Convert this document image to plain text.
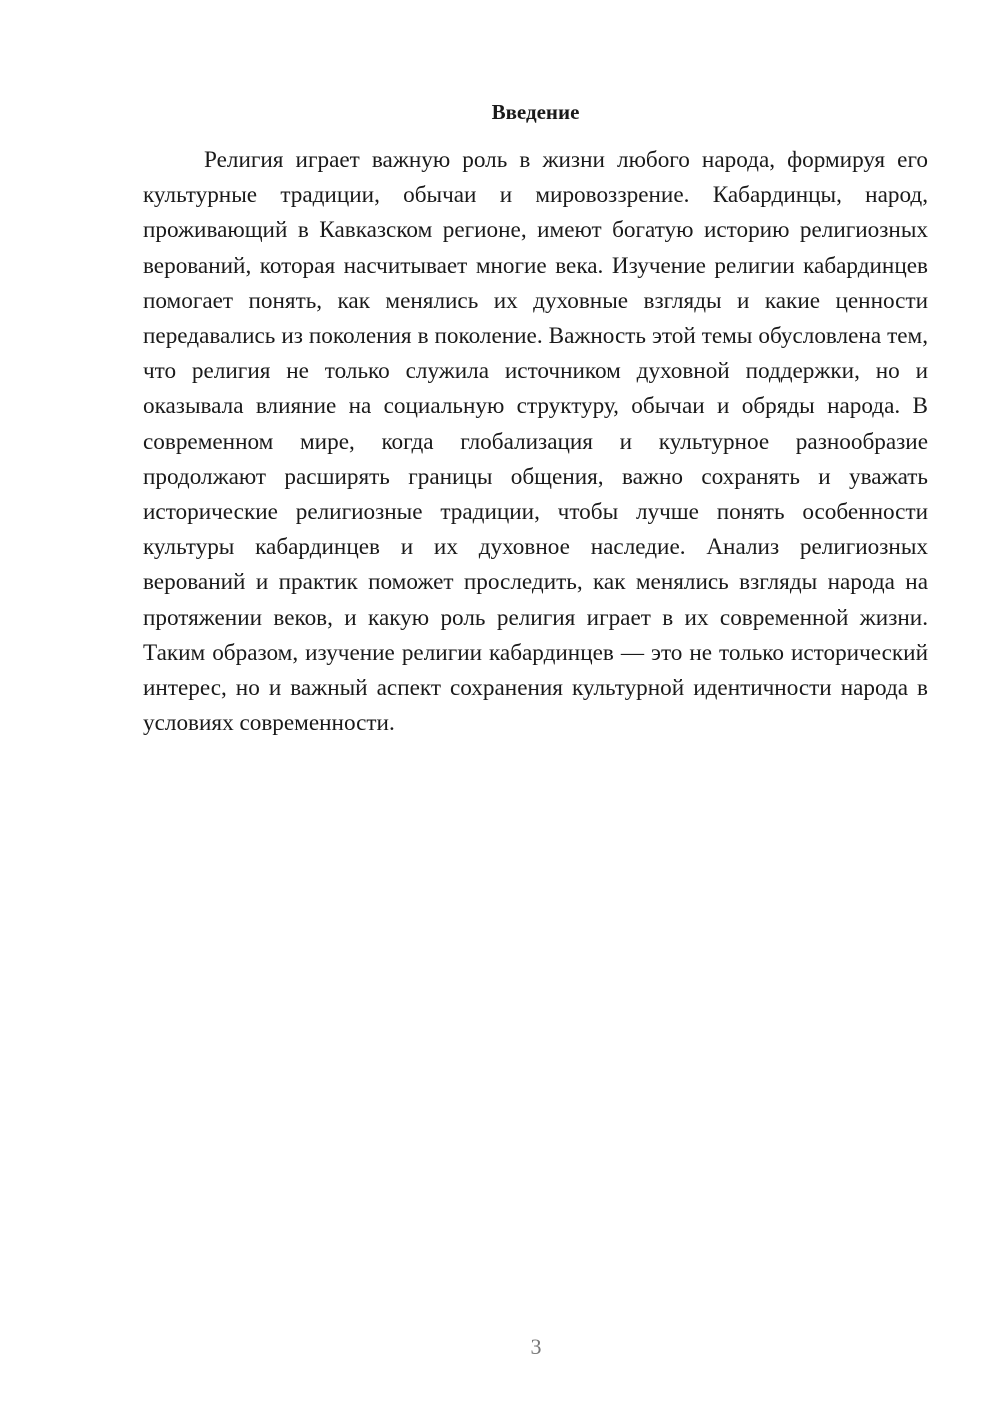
Введение

Религия играет важную роль в жизни любого народа, формируя его культурные традиции, обычаи и мировоззрение. Кабардинцы, народ, проживающий в Кавказском регионе, имеют богатую историю религиозных верований, которая насчитывает многие века. Изучение религии кабардинцев помогает понять, как менялись их духовные взгляды и какие ценности передавались из поколения в поколение. Важность этой темы обусловлена тем, что религия не только служила источником духовной поддержки, но и оказывала влияние на социальную структуру, обычаи и обряды народа. В современном мире, когда глобализация и культурное разнообразие продолжают расширять границы общения, важно сохранять и уважать исторические религиозные традиции, чтобы лучше понять особенности культуры кабардинцев и их духовное наследие. Анализ религиозных верований и практик поможет проследить, как менялись взгляды народа на протяжении веков, и какую роль религия играет в их современной жизни. Таким образом, изучение религии кабардинцев — это не только исторический интерес, но и важный аспект сохранения культурной идентичности народа в условиях современности.

3
